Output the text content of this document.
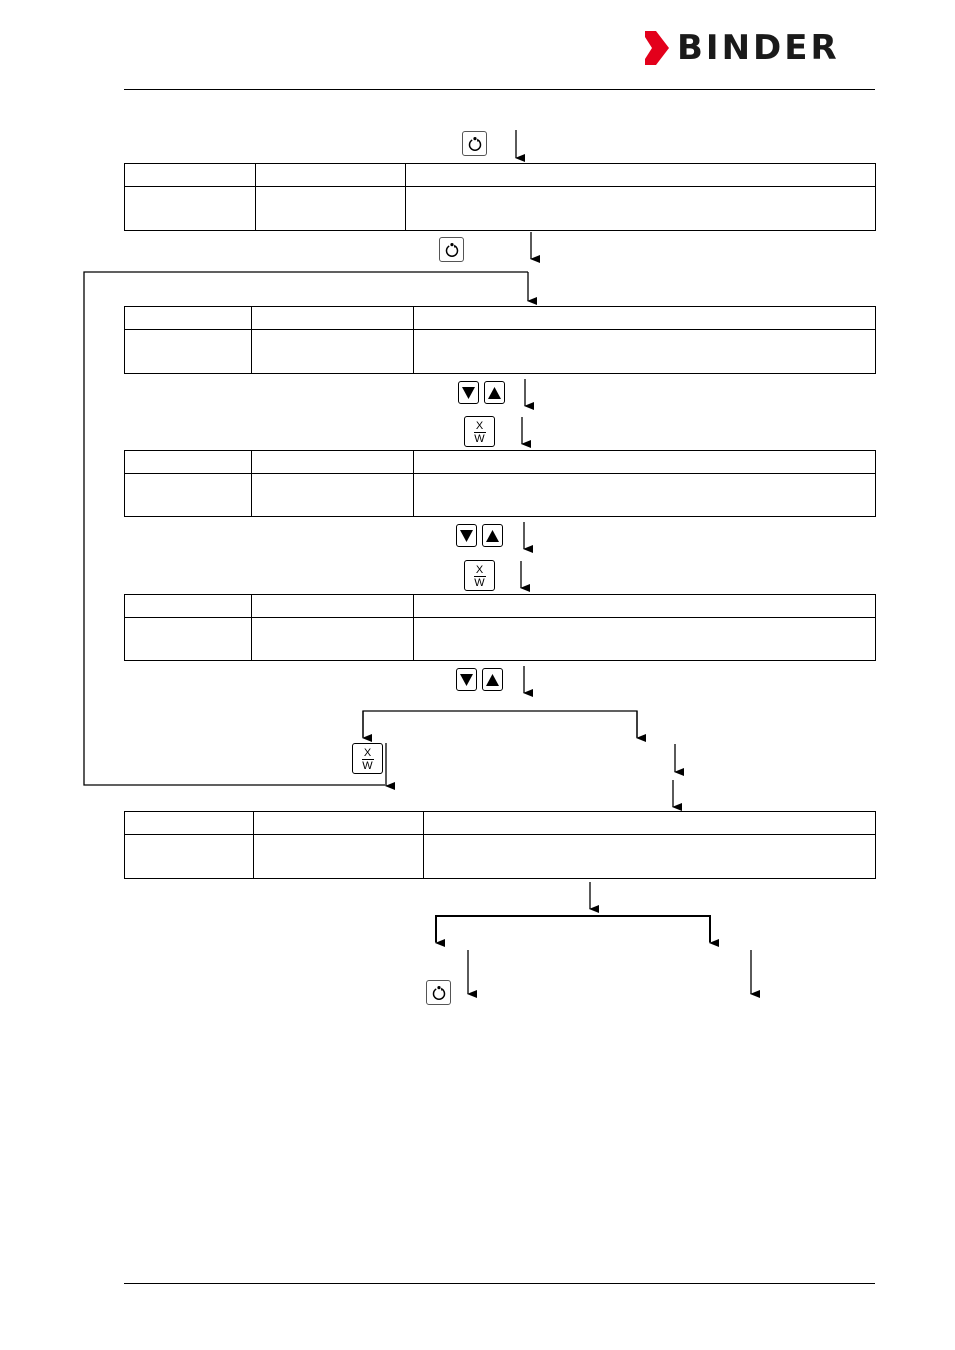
BINDER
X
W
X
W
X
W
